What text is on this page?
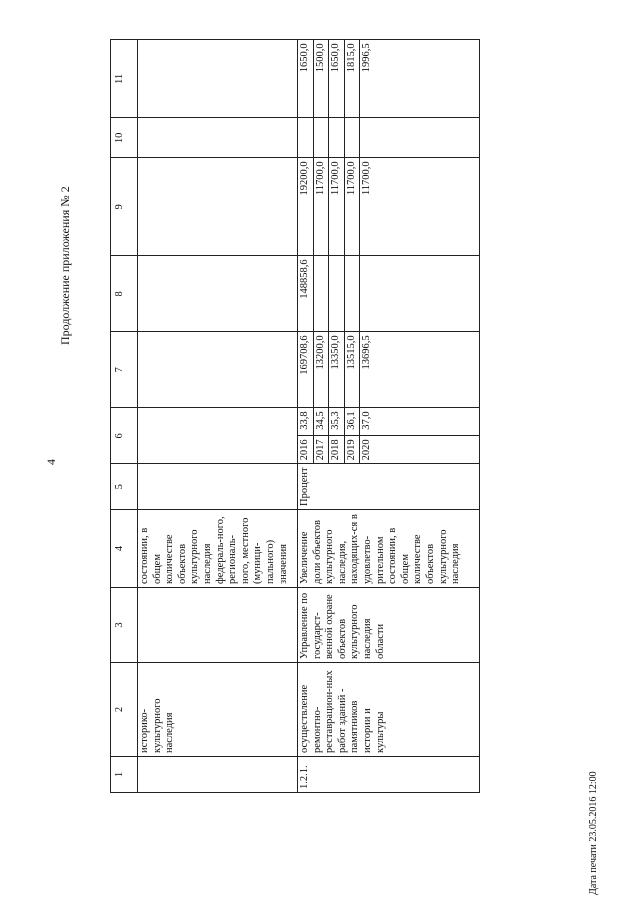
4
Продолжение приложения № 2
Дата печати 23.05.2016 12:00
1	2	3	4	5	6		7	8	9	10	11
	историко-культурного наследия		состоянии, в общем количестве объектов культурного наследия федераль-ного, региональ-ного, местного (муници-пального) значения								
1.2.1.	осуществление ремонтно-реставрацион-ных работ зданий - памятников истории и культуры	Управление по государст-венной охране объектов культурного наследия области	Увеличение доли объектов культурного наследия, находящих-ся в удовлетво-рительном состоянии, в общем количестве объектов культурного наследия	Процент	2016	33,8	169708,6	148858,6	19200,0		1650,0
					2017	34,5	13200,0		11700,0		1500,0
					2018	35,3	13350,0		11700,0		1650,0
					2019	36,1	13515,0		11700,0		1815,0
					2020	37,0	13696,5		11700,0		1996,5
